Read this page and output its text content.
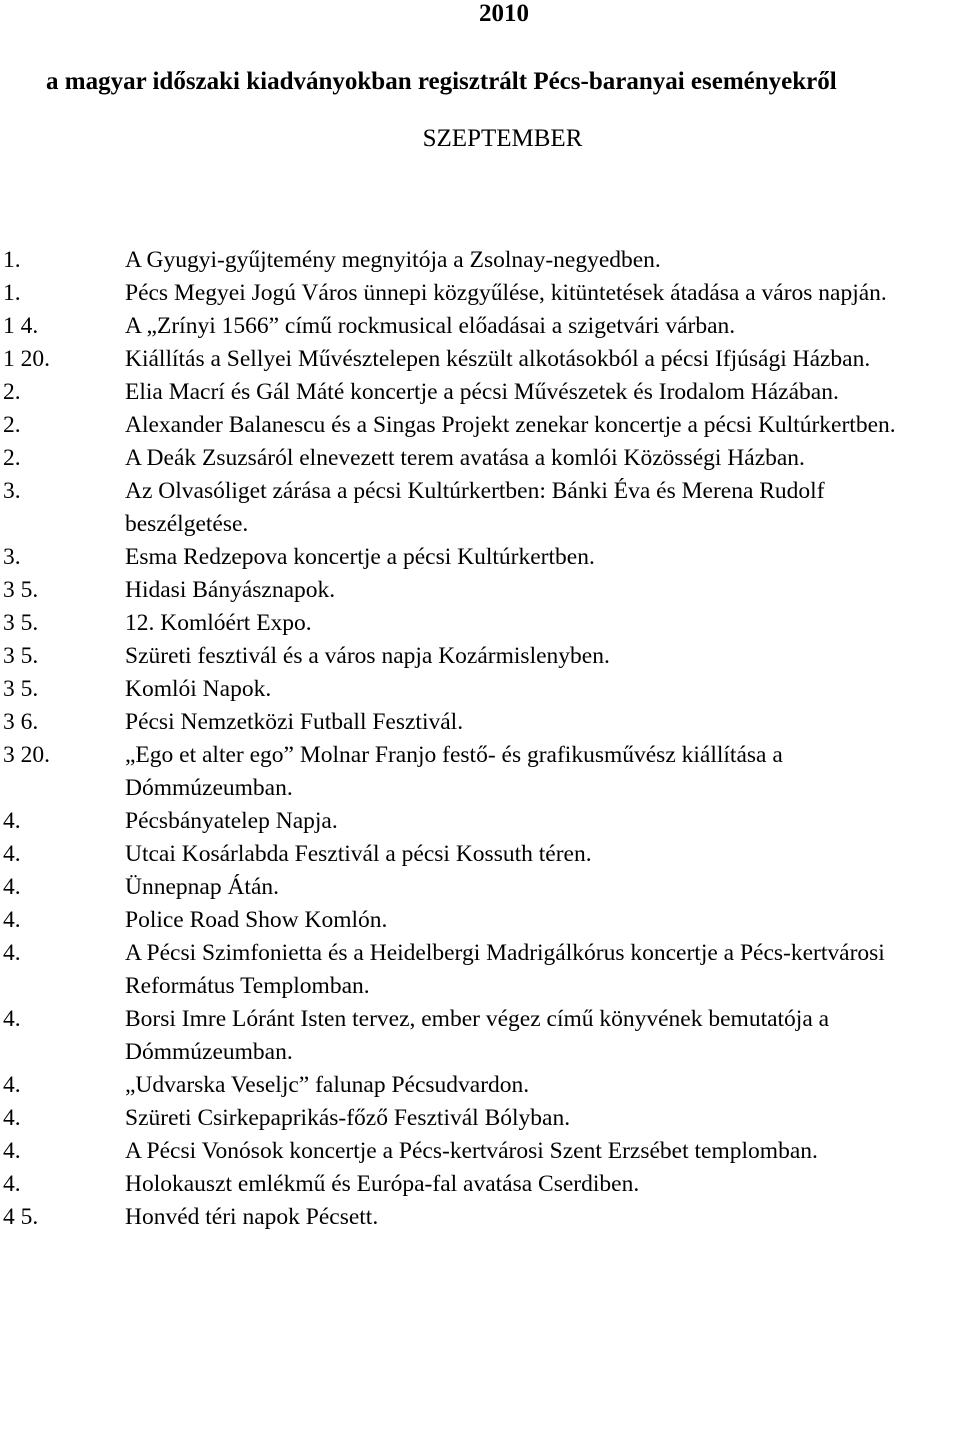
2010
a magyar időszaki kiadványokban regisztrált Pécs-baranyai eseményekről
SZEPTEMBER
1.	A Gyugyi-gyűjtemény megnyitója a Zsolnay-negyedben.
1.	Pécs Megyei Jogú Város ünnepi közgyűlése, kitüntetések átadása a város napján.
1 4.	A „Zrínyi 1566” című rockmusical előadásai a szigetvári várban.
1 20.	Kiállítás a Sellyei Művésztelepen készült alkotásokból a pécsi Ifjúsági Házban.
2.	Elia Macrí és Gál Máté koncertje a pécsi Művészetek és Irodalom Házában.
2.	Alexander Balanescu és a Singas Projekt zenekar koncertje a pécsi Kultúrkertben.
2.	A Deák Zsuzsáról elnevezett terem avatása a komlói Közösségi Házban.
3.	Az Olvasóliget zárása a pécsi Kultúrkertben: Bánki Éva és Merena Rudolf beszélgetése.
3.	Esma Redzepova koncertje a pécsi Kultúrkertben.
3 5.	Hidasi Bányásznapok.
3 5.	12. Komlóért Expo.
3 5.	Szüreti fesztivál és a város napja Kozármislenyben.
3 5.	Komlói Napok.
3 6.	Pécsi Nemzetközi Futball Fesztivál.
3 20.	„Ego et alter ego” Molnar Franjo festő- és grafikusművész kiállítása a Dómmúzeumban.
4.	Pécsbányatelep Napja.
4.	Utcai Kosárlabda Fesztivál a pécsi Kossuth téren.
4.	Ünnepnap Átán.
4.	Police Road Show Komlón.
4.	A Pécsi Szimfonietta és a Heidelbergi Madrigálkórus koncertje a Pécs-kertvárosi Református Templomban.
4.	Borsi Imre Lóránt Isten tervez, ember végez című könyvének bemutatója a Dómmúzeumban.
4.	„Udvarska Veseljc” falunap Pécsudvardon.
4.	Szüreti Csirkepaprikás-főző Fesztivál Bólyban.
4.	A Pécsi Vonósok koncertje a Pécs-kertvárosi Szent Erzsébet templomban.
4.	Holokauszt emlékmű és Európa-fal avatása Cserdiben.
4 5.	Honvéd téri napok Pécsett.
